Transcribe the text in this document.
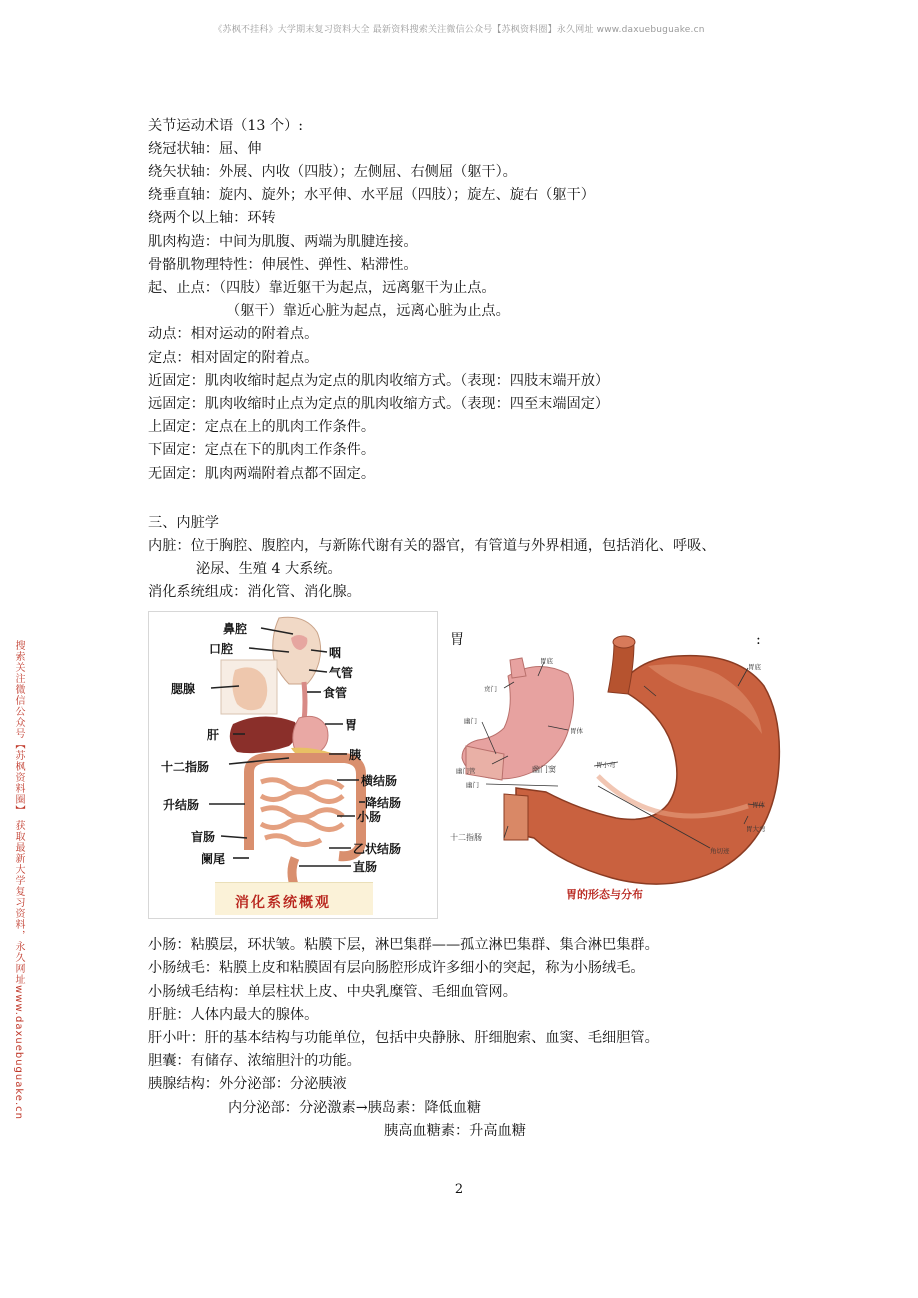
《苏枫不挂科》大学期末复习资料大全 最新资料搜索关注微信公众号【苏枫资料圈】永久网址 www.daxuebuguake.cn
搜索关注微信公众号【苏枫资料圈】 获取最新大学复习资料，永久网址www.daxuebuguake.cn
关节运动术语（13 个）:
绕冠状轴：屈、伸
绕矢状轴：外展、内收（四肢）；左侧屈、右侧屈（躯干）。
绕垂直轴：旋内、旋外；水平伸、水平屈（四肢）；旋左、旋右（躯干）
绕两个以上轴：环转
肌肉构造：中间为肌腹、两端为肌腱连接。
骨骼肌物理特性：伸展性、弹性、粘滞性。
起、止点：（四肢）靠近躯干为起点，远离躯干为止点。
（躯干）靠近心脏为起点，远离心脏为止点。
动点：相对运动的附着点。
定点：相对固定的附着点。
近固定：肌肉收缩时起点为定点的肌肉收缩方式。（表现：四肢末端开放）
远固定：肌肉收缩时止点为定点的肌肉收缩方式。（表现：四至末端固定）
上固定：定点在上的肌肉工作条件。
下固定：定点在下的肌肉工作条件。
无固定：肌肉两端附着点都不固定。
三、内脏学
内脏：位于胸腔、腹腔内，与新陈代谢有关的器官，有管道与外界相通，包括消化、呼吸、
泌尿、生殖 4 大系统。
消化系统组成：消化管、消化腺。
鼻腔
口腔	咽
气管
腮腺	食管
胃
肝
胰
十二指肠
横结肠
降结肠
升结肠
小肠
盲肠
乙状结肠
阑尾
直肠
消化系统概观
胃	:
贲门
胃底
幽门
胃体
幽门管	幽门窦	胃小弯
幽门
十二指肠
胃体
胃大弯
角切迹
胃底
胃的形态与分布
小肠：粘膜层，环状皱。粘膜下层，淋巴集群——孤立淋巴集群、集合淋巴集群。
小肠绒毛：粘膜上皮和粘膜固有层向肠腔形成许多细小的突起，称为小肠绒毛。
小肠绒毛结构：单层柱状上皮、中央乳糜管、毛细血管网。
肝脏：人体内最大的腺体。
肝小叶：肝的基本结构与功能单位，包括中央静脉、肝细胞索、血窦、毛细胆管。
胆囊：有储存、浓缩胆汁的功能。
胰腺结构：外分泌部：分泌胰液
内分泌部：分泌激素→胰岛素：降低血糖
胰高血糖素：升高血糖
2
